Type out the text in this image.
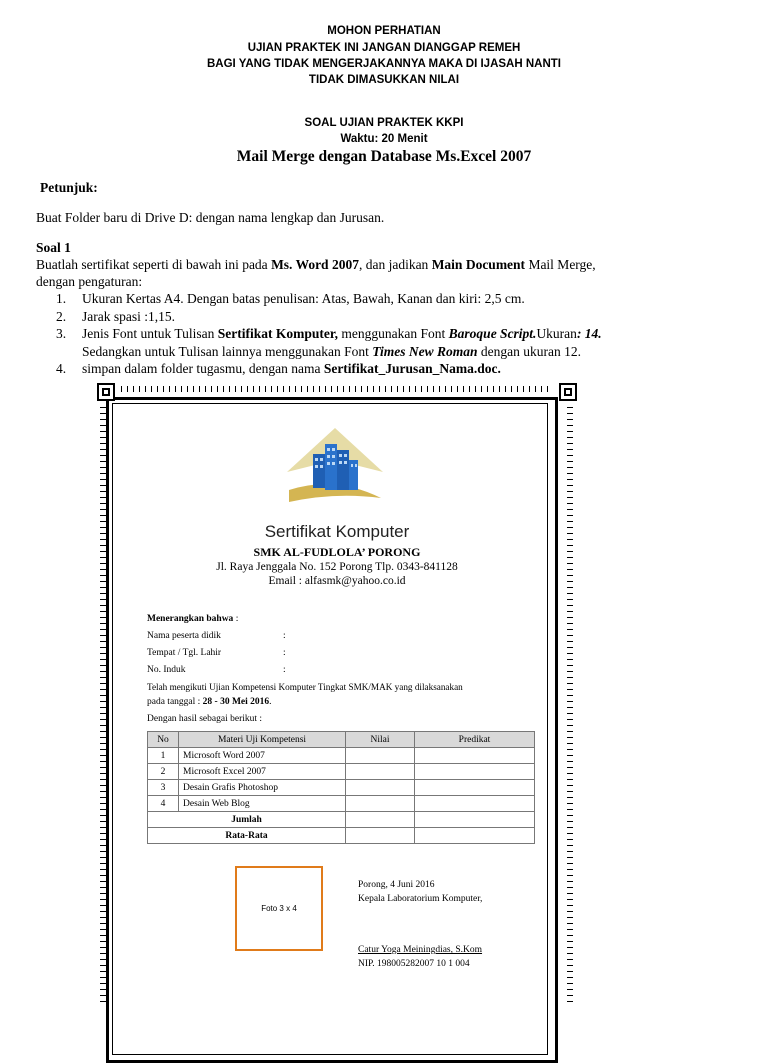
MOHON PERHATIAN
UJIAN PRAKTEK INI JANGAN DIANGGAP REMEH
BAGI YANG TIDAK MENGERJAKANNYA MAKA DI IJASAH NANTI
TIDAK DIMASUKKAN NILAI
SOAL UJIAN PRAKTEK KKPI
Waktu: 20 Menit
Mail Merge dengan Database Ms.Excel 2007
Petunjuk:
Buat Folder baru di Drive D: dengan nama lengkap dan Jurusan.
Soal 1
Buatlah sertifikat seperti di bawah ini pada Ms. Word 2007, dan jadikan Main Document Mail Merge,
dengan pengaturan:
1. Ukuran Kertas A4. Dengan batas penulisan: Atas, Bawah, Kanan dan kiri: 2,5 cm.
2. Jarak spasi :1,15.
3. Jenis Font untuk Tulisan Sertifikat Komputer, menggunakan Font Baroque Script.Ukuran: 14.
Sedangkan untuk Tulisan lainnya menggunakan Font Times New Roman dengan ukuran 12.
4. simpan dalam folder tugasmu, dengan nama Sertifikat_Jurusan_Nama.doc.
Sertifikat Komputer
SMK AL-FUDLOLA’ PORONG
Jl. Raya Jenggala No. 152 Porong Tlp. 0343-841128
Email : alfasmk@yahoo.co.id
Menerangkan bahwa :
Nama peserta didik	:
Tempat / Tgl. Lahir	:
No. Induk	:
Telah mengikuti Ujian Kompetensi Komputer Tingkat SMK/MAK yang dilaksanakan
pada tanggal : 28 - 30 Mei 2016.
Dengan hasil sebagai berikut :
No	Materi Uji Kompetensi	Nilai	Predikat
1	Microsoft Word 2007		
2	Microsoft Excel 2007		
3	Desain Grafis Photoshop		
4	Desain Web Blog		
Jumlah			
Rata-Rata			
Foto 3 x 4
Porong, 4 Juni 2016
Kepala Laboratorium Komputer,
Catur Yoga Meiningdias, S.Kom
NIP. 198005282007 10 1 004
